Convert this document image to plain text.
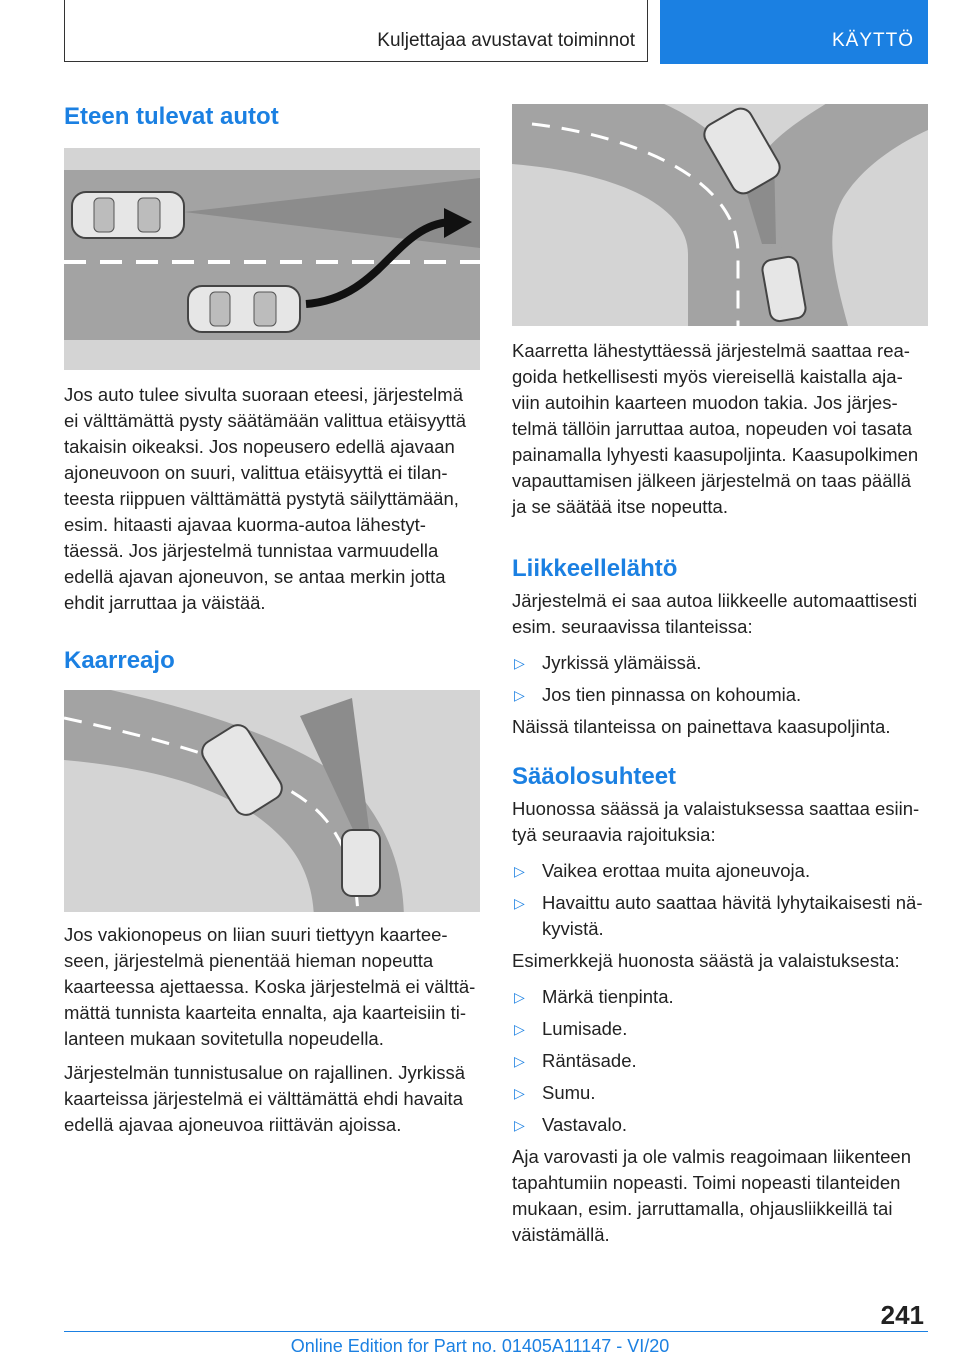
Kuljettajaa avustavat toiminnot	KÄYTTÖ
Eteen tulevat autot

Jos auto tulee sivulta suoraan eteesi, järjestelmä ei välttämättä pysty säätämään valittua etäisyyttä takaisin oikeaksi. Jos nopeusero edellä ajavaan ajoneuvoon on suuri, valittua etäisyyttä ei tilan‐teesta riippuen välttämättä pystytä säilyttämään, esim. hitaasti ajavaa kuorma-autoa lähestyt‐täessä. Jos järjestelmä tunnistaa varmuudella edellä ajavan ajoneuvon, se antaa merkin jotta ehdit jarruttaa ja väistää.

Kaarreajo

Jos vakionopeus on liian suuri tiettyyn kaartee‐seen, järjestelmä pienentää hieman nopeutta kaarteessa ajettaessa. Koska järjestelmä ei välttä‐mättä tunnista kaarteita ennalta, aja kaarteisiin ti‐lanteen mukaan sovitetulla nopeudella.

Järjestelmän tunnistusalue on rajallinen. Jyrkissä kaarteissa järjestelmä ei välttämättä ehdi havaita edellä ajavaa ajoneuvoa riittävän ajoissa.

Kaarretta lähestyttäessä järjestelmä saattaa rea‐goida hetkellisesti myös viereisellä kaistalla aja‐viin autoihin kaarteen muodon takia. Jos järjes‐telmä tällöin jarruttaa autoa, nopeuden voi tasata painamalla lyhyesti kaasupoljinta. Kaasupolkimen vapauttamisen jälkeen järjestelmä on taas päällä ja se säätää itse nopeutta.

Liikkeellelähtö

Järjestelmä ei saa autoa liikkeelle automaattisesti esim. seuraavissa tilanteissa:

▷ Jyrkissä ylämäissä.
▷ Jos tien pinnassa on kohoumia.

Näissä tilanteissa on painettava kaasupoljinta.

Sääolosuhteet

Huonossa säässä ja valaistuksessa saattaa esiin‐tyä seuraavia rajoituksia:

▷ Vaikea erottaa muita ajoneuvoja.
▷ Havaittu auto saattaa hävitä lyhytaikaisesti nä‐kyvistä.

Esimerkkejä huonosta säästä ja valaistuksesta:

▷ Märkä tienpinta.
▷ Lumisade.
▷ Räntäsade.
▷ Sumu.
▷ Vastavalo.

Aja varovasti ja ole valmis reagoimaan liikenteen tapahtumiin nopeasti. Toimi nopeasti tilanteiden mukaan, esim. jarruttamalla, ohjausliikkeillä tai väistämällä.

241
Online Edition for Part no. 01405A11147 - VI/20
